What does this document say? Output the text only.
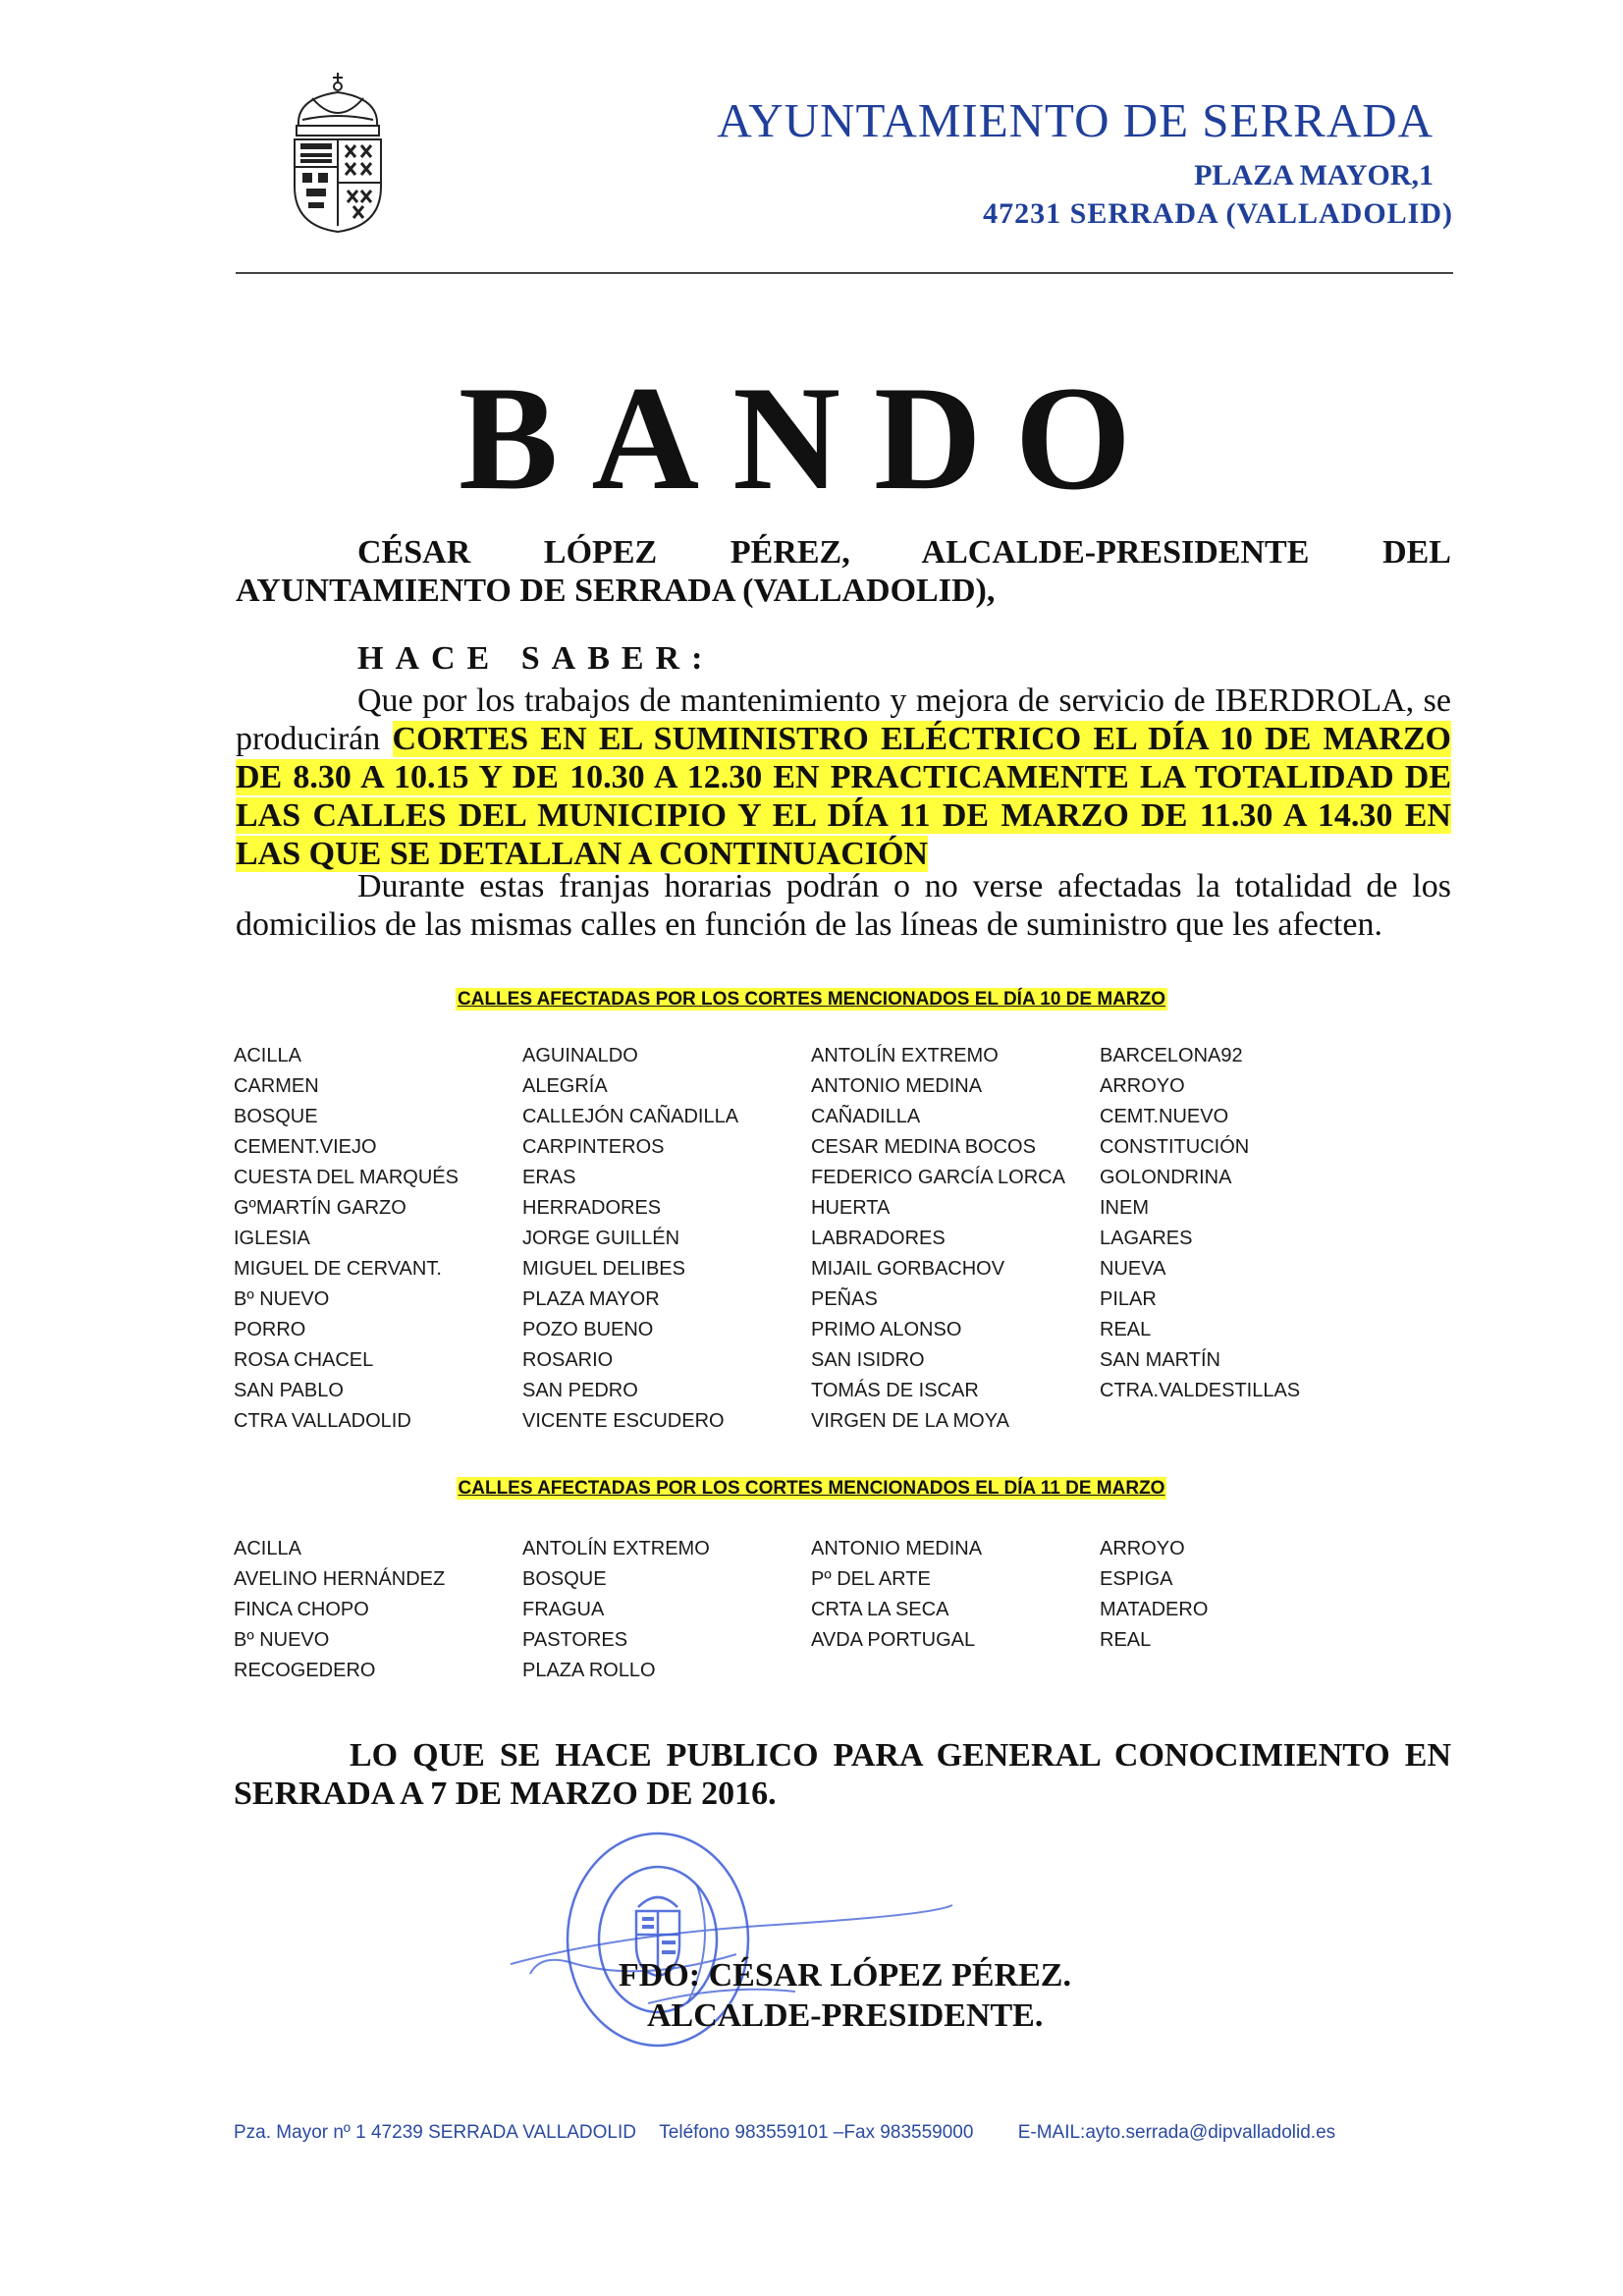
AYUNTAMIENTO DE SERRADA
PLAZA MAYOR,1
47231 SERRADA (VALLADOLID)
BANDO
CÉSAR LÓPEZ PÉREZ, ALCALDE-PRESIDENTE DEL AYUNTAMIENTO DE SERRADA (VALLADOLID),
HACE SABER:
Que por los trabajos de mantenimiento y mejora de servicio de IBERDROLA, se producirán CORTES EN EL SUMINISTRO ELÉCTRICO EL DÍA 10 DE MARZO DE 8.30 A 10.15 Y DE 10.30 A 12.30 EN PRACTICAMENTE LA TOTALIDAD DE LAS CALLES DEL MUNICIPIO Y EL DÍA 11 DE MARZO DE 11.30 A 14.30 EN LAS QUE SE DETALLAN A CONTINUACIÓN
Durante estas franjas horarias podrán o no verse afectadas la totalidad de los domicilios de las mismas calles en función de las líneas de suministro que les afecten.
CALLES AFECTADAS POR LOS CORTES MENCIONADOS EL DÍA 10 DE MARZO
ACILLA	AGUINALDO	ANTOLÍN EXTREMO	BARCELONA92
CARMEN	ALEGRÍA	ANTONIO MEDINA	ARROYO
BOSQUE	CALLEJÓN CAÑADILLA	CAÑADILLA	CEMT.NUEVO
CEMENT.VIEJO	CARPINTEROS	CESAR MEDINA BOCOS	CONSTITUCIÓN
CUESTA DEL MARQUÉS	ERAS	FEDERICO GARCÍA LORCA	GOLONDRINA
GºMARTÍN GARZO	HERRADORES	HUERTA	INEM
IGLESIA	JORGE GUILLÉN	LABRADORES	LAGARES
MIGUEL DE CERVANT.	MIGUEL DELIBES	MIJAIL GORBACHOV	NUEVA
Bº NUEVO	PLAZA MAYOR	PEÑAS	PILAR
PORRO	POZO BUENO	PRIMO ALONSO	REAL
ROSA CHACEL	ROSARIO	SAN ISIDRO	SAN MARTÍN
SAN PABLO	SAN PEDRO	TOMÁS DE ISCAR	CTRA.VALDESTILLAS
CTRA VALLADOLID	VICENTE ESCUDERO	VIRGEN DE LA MOYA
CALLES AFECTADAS POR LOS CORTES MENCIONADOS EL DÍA 11 DE MARZO
ACILLA	ANTOLÍN EXTREMO	ANTONIO MEDINA	ARROYO
AVELINO HERNÁNDEZ	BOSQUE	Pº DEL ARTE	ESPIGA
FINCA CHOPO	FRAGUA	CRTA LA SECA	MATADERO
Bº NUEVO	PASTORES	AVDA PORTUGAL	REAL
RECOGEDERO	PLAZA ROLLO
LO QUE SE HACE PUBLICO PARA GENERAL CONOCIMIENTO EN SERRADA A 7 DE MARZO DE 2016.
FDO: CÉSAR LÓPEZ PÉREZ.
ALCALDE-PRESIDENTE.
Pza. Mayor nº 1 47239 SERRADA VALLADOLID Teléfono 983559101 –Fax 983559000 E-MAIL:ayto.serrada@dipvalladolid.es
